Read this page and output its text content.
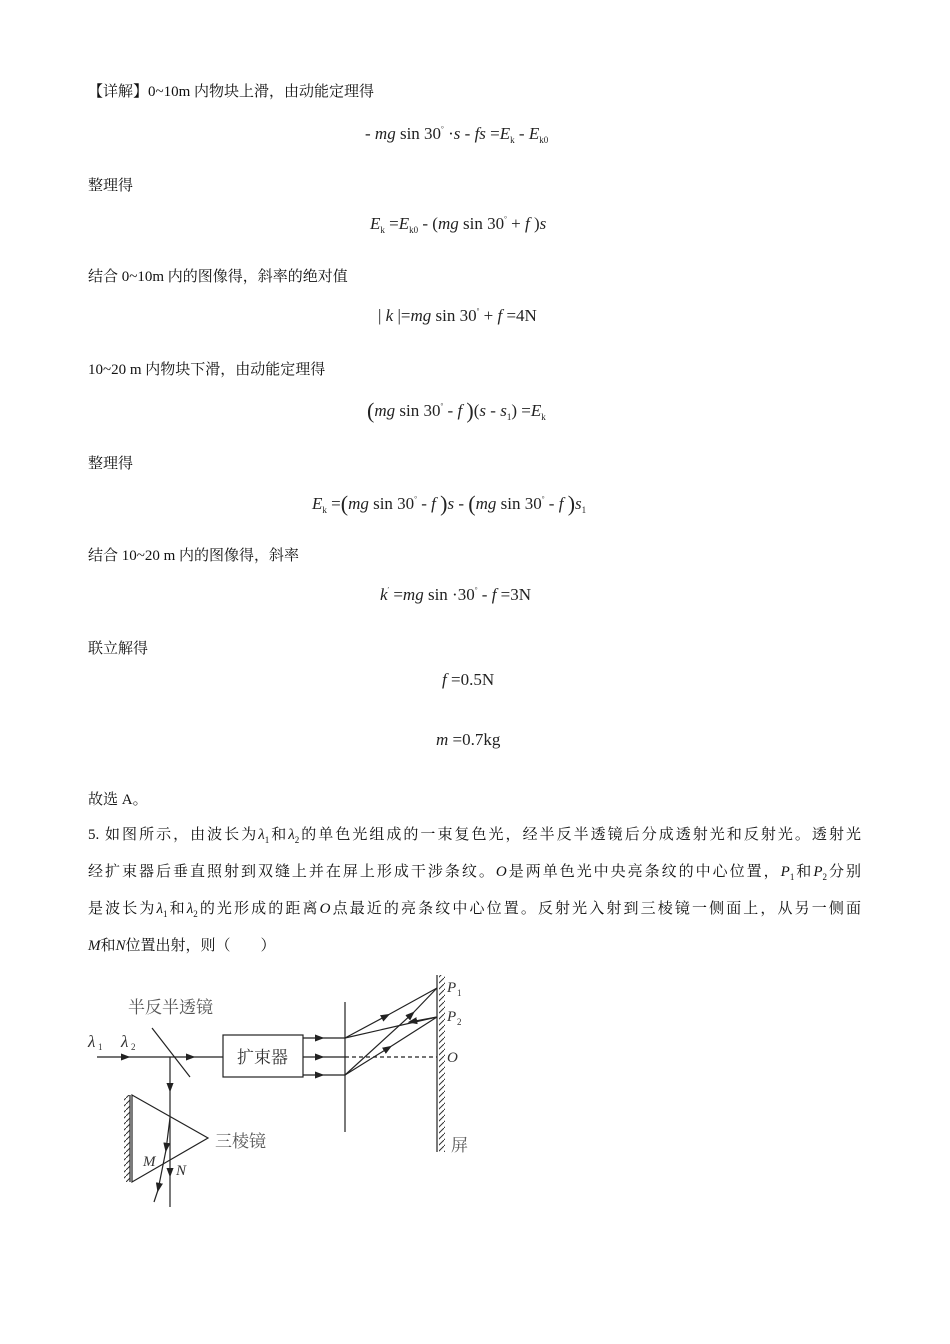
【详解】0~10m 内物块上滑，由动能定理得
- mg sin 30° ·s - fs $=E_k - E_{k0}$
整理得
$E_k =E_{k0} - (mg$ sin 30° + f )s
结合 0~10m 内的图像得，斜率的绝对值
| k |=mg sin 30° + f =4N
10~20 m 内物块下滑，由动能定理得
(mg sin 30° - f )$(s - s_1) =E_k$
整理得
$E_k =(mg$ sin 30° - f )s - (mg sin 30° - f )$s_1$
结合 10~20 m 内的图像得，斜率
k′ =mg sin ·30° - f =3N
联立解得
f =0.5N
m =0.7kg
故选 A。
5. 如图所示，由波长为$\lambda_1$和$\lambda_2$的单色光组成的一束复色光，经半反半透镜后分成透射光和反射光。透射光
经扩束器后垂直照射到双缝上并在屏上形成干涉条纹。O是两单色光中央亮条纹的中心位置，$P_1$和$P_2$分别
是波长为$\lambda_1$和$\lambda_2$的光形成的距离O点最近的亮条纹中心位置。反射光入射到三棱镜一侧面上，从另一侧面
M和N位置出射，则（　　）
半反半透镜
λ 1 λ 2
扩束器
三棱镜
M
N
P 1
P 2
O
屏
